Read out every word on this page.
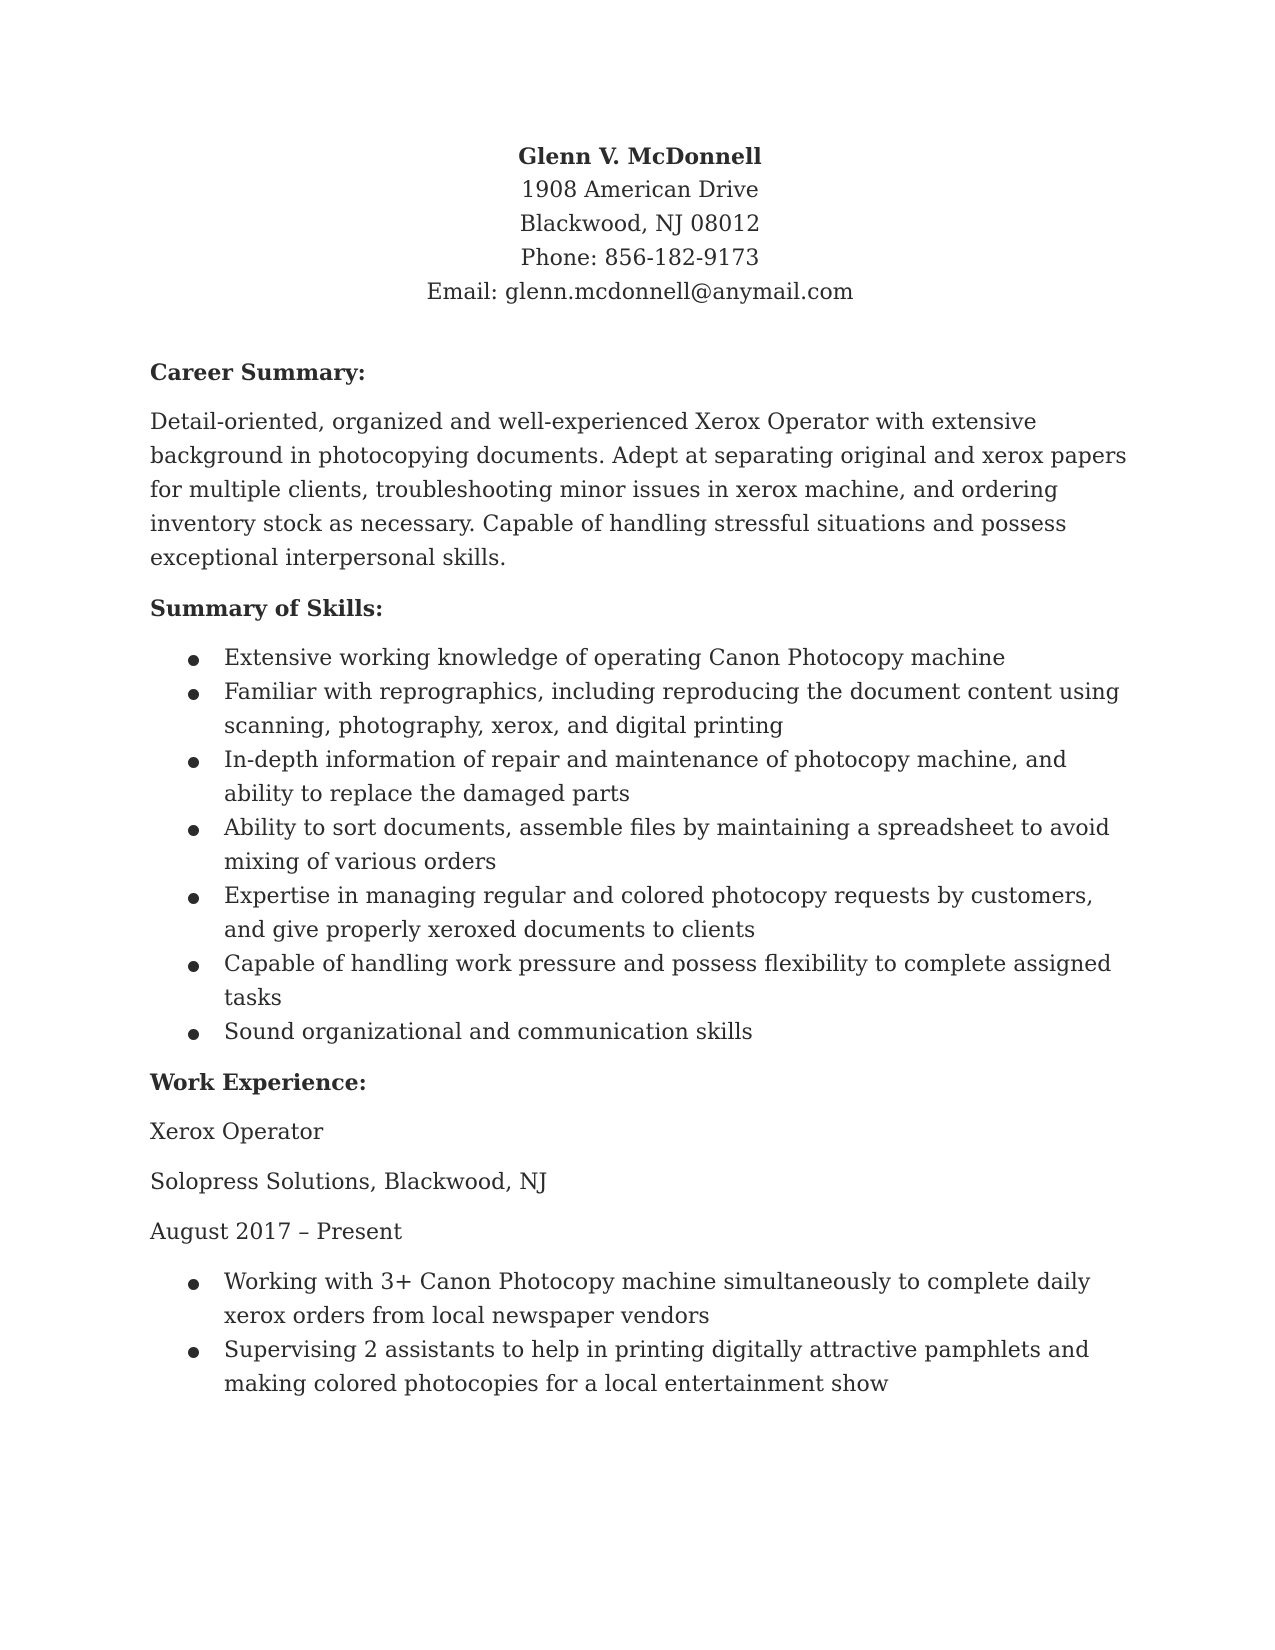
Glenn V. McDonnell
1908 American Drive
Blackwood, NJ 08012
Phone: 856-182-9173
Email: glenn.mcdonnell@anymail.com
Career Summary:

Detail-oriented, organized and well-experienced Xerox Operator with extensive background in photocopying documents. Adept at separating original and xerox papers for multiple clients, troubleshooting minor issues in xerox machine, and ordering inventory stock as necessary. Capable of handling stressful situations and possess exceptional interpersonal skills.

Summary of Skills:
Extensive working knowledge of operating Canon Photocopy machine
Familiar with reprographics, including reproducing the document content using scanning, photography, xerox, and digital printing
In-depth information of repair and maintenance of photocopy machine, and ability to replace the damaged parts
Ability to sort documents, assemble files by maintaining a spreadsheet to avoid mixing of various orders
Expertise in managing regular and colored photocopy requests by customers, and give properly xeroxed documents to clients
Capable of handling work pressure and possess flexibility to complete assigned tasks
Sound organizational and communication skills
Work Experience:

Xerox Operator

Solopress Solutions, Blackwood, NJ

August 2017 – Present

Working with 3+ Canon Photocopy machine simultaneously to complete daily xerox orders from local newspaper vendors
Supervising 2 assistants to help in printing digitally attractive pamphlets and making colored photocopies for a local entertainment show
